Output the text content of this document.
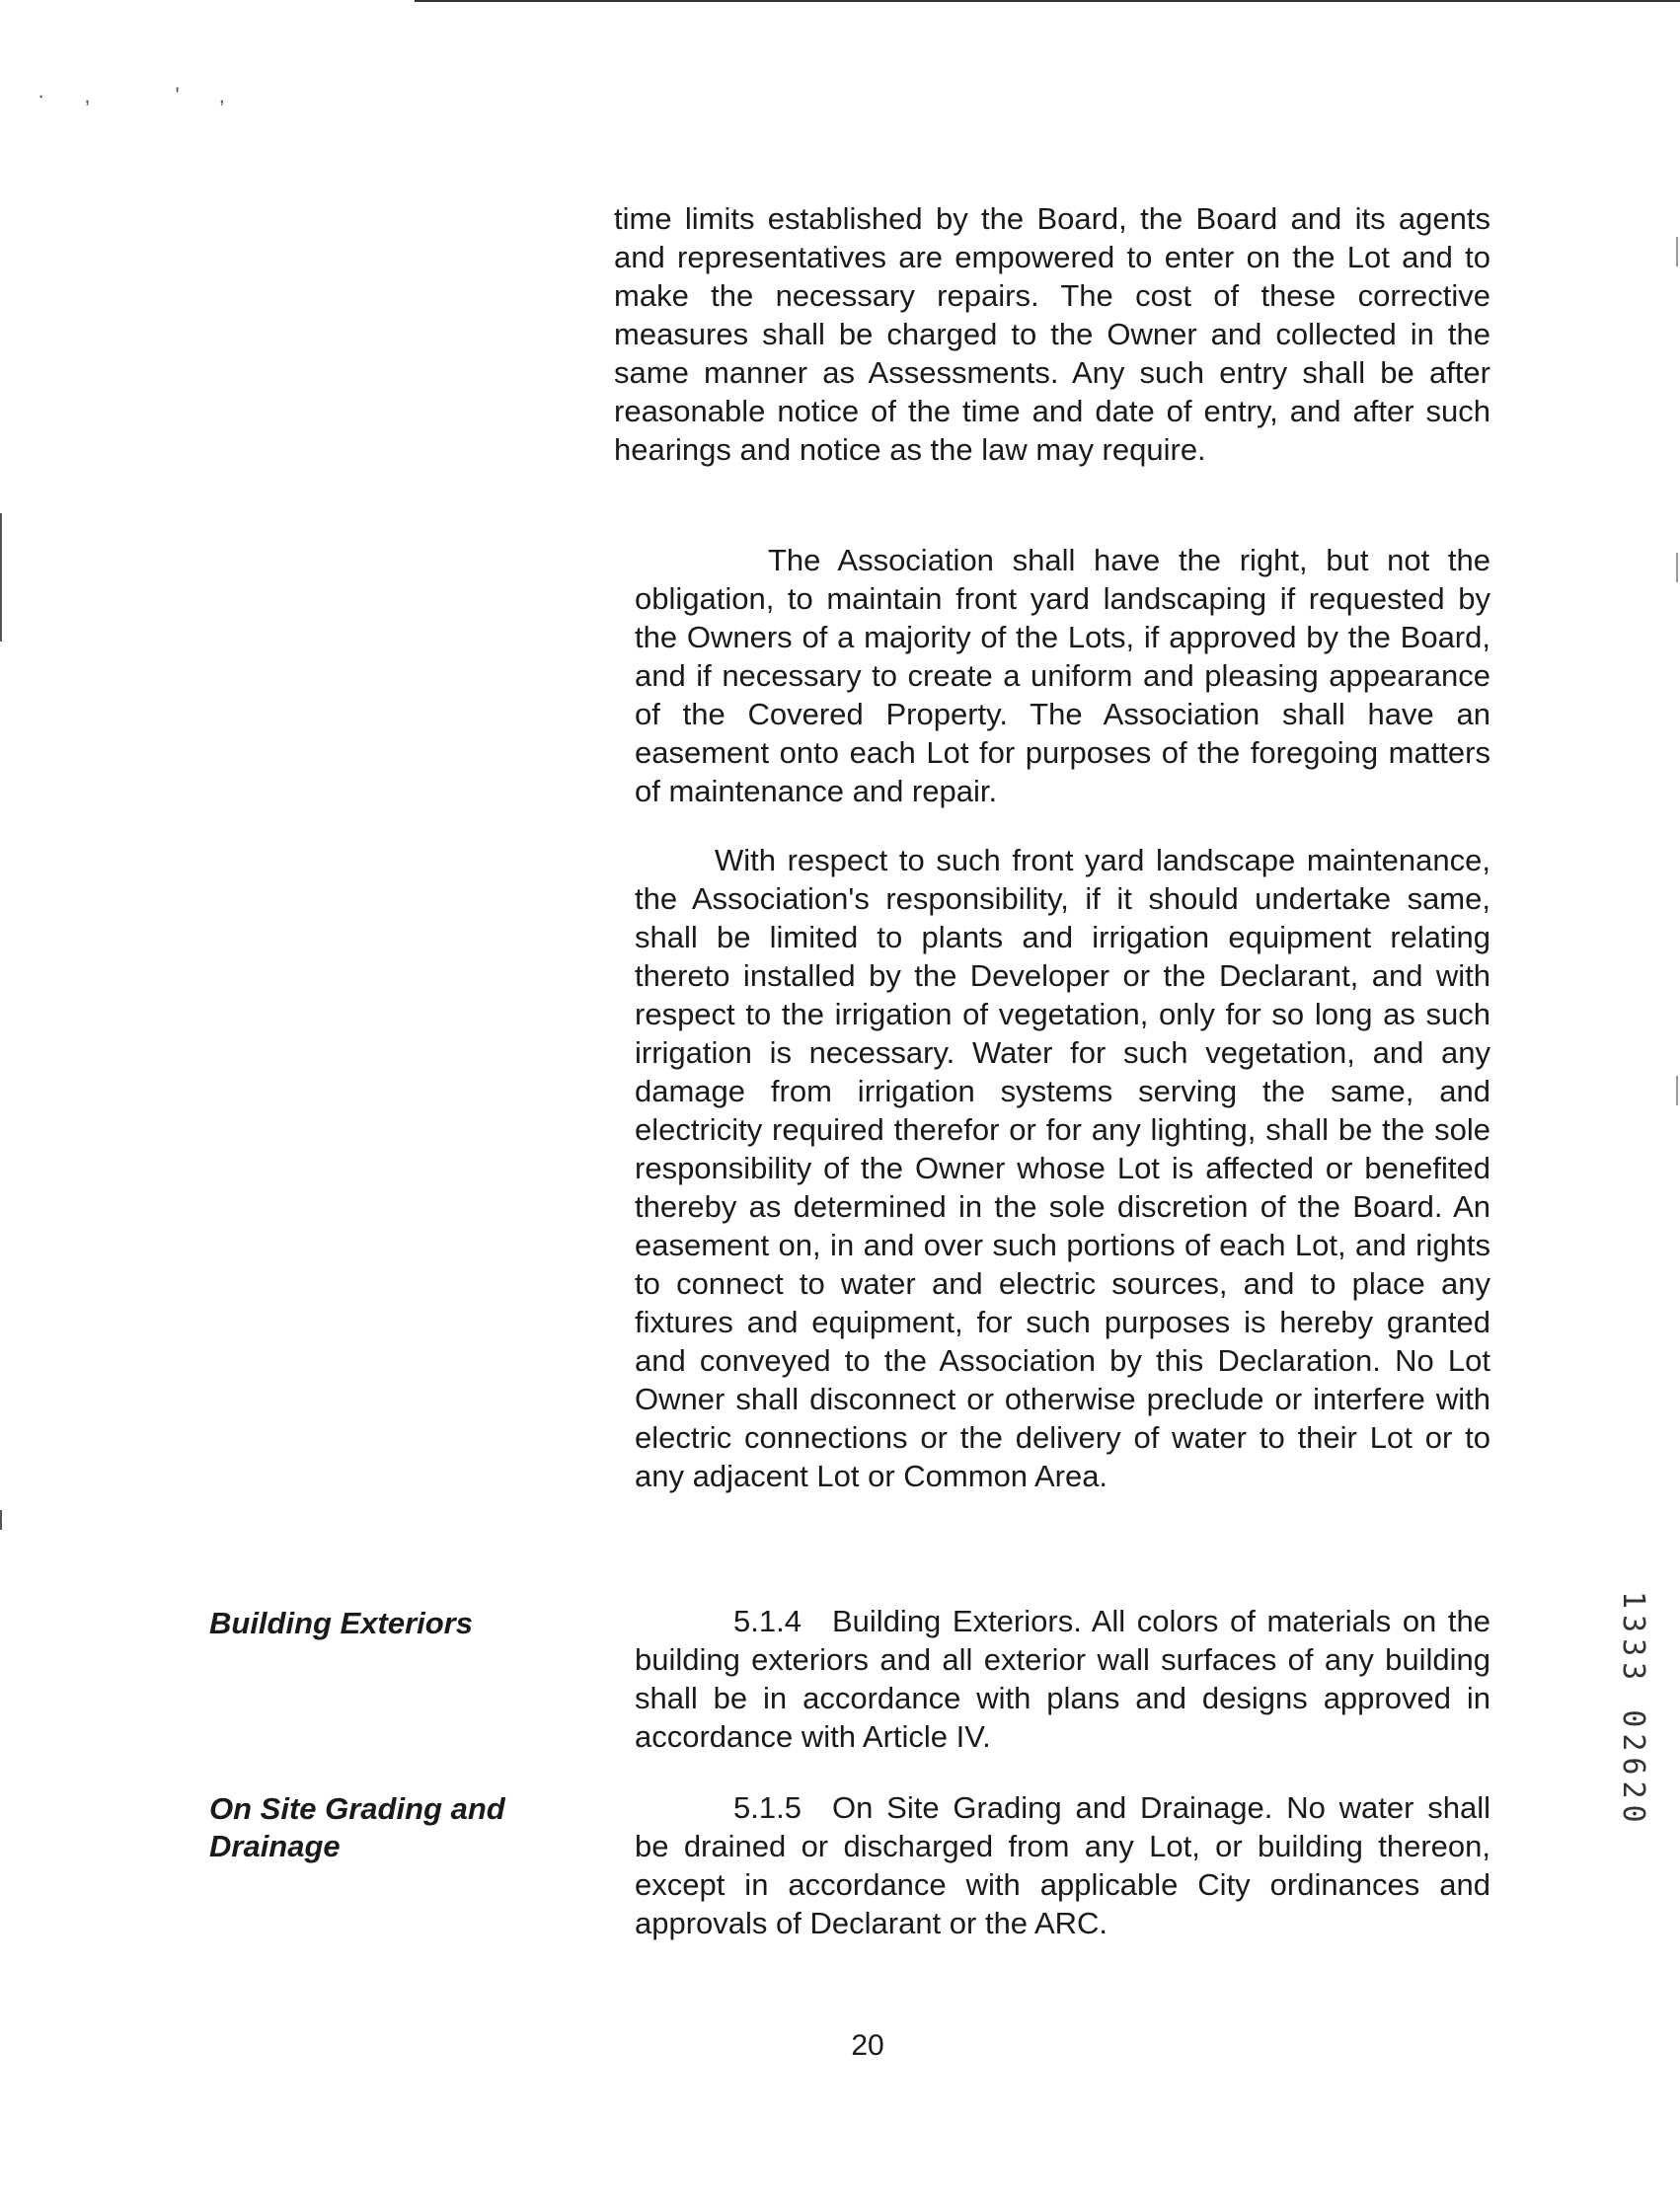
·, ',

time limits established by the Board, the Board and its agents and representatives are empowered to enter on the Lot and to make the necessary repairs. The cost of these corrective measures shall be charged to the Owner and collected in the same manner as Assessments. Any such entry shall be after reasonable notice of the time and date of entry, and after such hearings and notice as the law may require.

The Association shall have the right, but not the obligation, to maintain front yard landscaping if requested by the Owners of a majority of the Lots, if approved by the Board, and if necessary to create a uniform and pleasing appearance of the Covered Property. The Association shall have an easement onto each Lot for purposes of the foregoing matters of maintenance and repair.
With respect to such front yard landscape maintenance, the Association's responsibility, if it should undertake same, shall be limited to plants and irrigation equipment relating thereto installed by the Developer or the Declarant, and with respect to the irrigation of vegetation, only for so long as such irrigation is necessary. Water for such vegetation, and any damage from irrigation systems serving the same, and electricity required therefor or for any lighting, shall be the sole responsibility of the Owner whose Lot is affected or benefited thereby as determined in the sole discretion of the Board. An easement on, in and over such portions of each Lot, and rights to connect to water and electric sources, and to place any fixtures and equipment, for such purposes is hereby granted and conveyed to the Association by this Declaration. No Lot Owner shall disconnect or otherwise preclude or interfere with electric connections or the delivery of water to their Lot or to any adjacent Lot or Common Area.
Building Exteriors	5.1.4 Building Exteriors. All colors of materials on the building exteriors and all exterior wall surfaces of any building shall be in accordance with plans and designs approved in accordance with Article IV.
On Site Grading and
Drainage
5.1.5 On Site Grading and Drainage. No water shall be drained or discharged from any Lot, or building thereon, except in accordance with applicable City ordinances and approvals of Declarant or the ARC.
20
1333 02620
